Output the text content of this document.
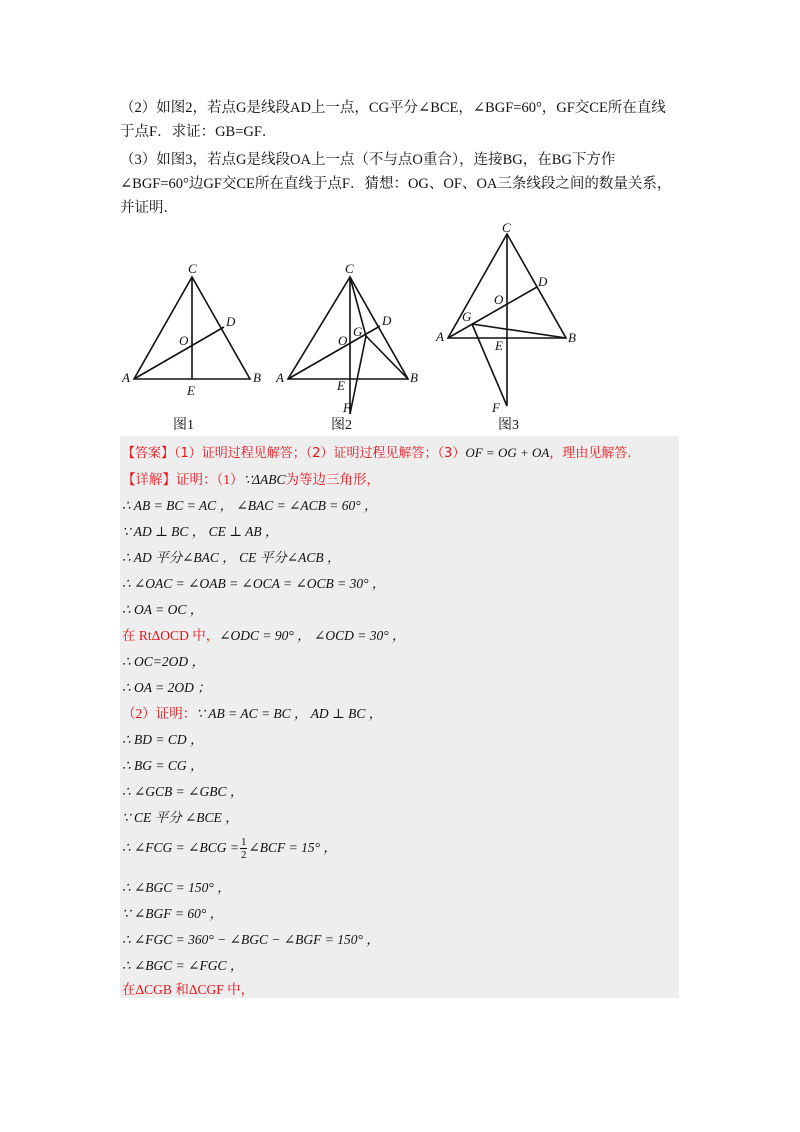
（2）如图2，若点G是线段AD上一点，CG平分∠BCE，∠BGF=60°，GF交CE所在直线于点F．求证：GB=GF．
（3）如图3，若点G是线段OA上一点（不与点O重合），连接BG，在BG下方作∠BGF=60°边GF交CE所在直线于点F．猜想：OG、OF、OA三条线段之间的数量关系，并证明．
C
D
O
A
E
B
C
D
G
O
A
E
B
F
C
D
O
G
A
E
B
F
图1	图2	图3
【答案】（1）证明过程见解答；（2）证明过程见解答；（3）OF = OG + OA，理由见解答.
【详解】证明：（1）∵ΔABC为等边三角形，
∴ AB = BC = AC ， ∠BAC = ∠ACB = 60° ，
∵ AD ⊥ BC ， CE ⊥ AB ，
∴ AD 平分∠BAC ， CE 平分∠ACB ，
∴ ∠OAC = ∠OAB = ∠OCA = ∠OCB = 30° ，
∴ OA = OC ，
在 RtΔOCD 中，∠ODC = 90° ， ∠OCD = 30° ，
∴ OC=2OD ，
∴ OA = 2OD ；
（2）证明：∵ AB = AC = BC ， AD ⊥ BC ，
∴ BD = CD ，
∴ BG = CG ，
∴ ∠GCB = ∠GBC ，
∵ CE 平分 ∠BCE ，
∴ ∠FCG = ∠BCG = $\frac{1}{2}$ ∠BCF = 15° ，
∴ ∠BGC = 150° ，
∵ ∠BGF = 60° ，
∴ ∠FGC = 360° − ∠BGC − ∠BGF = 150° ，
∴ ∠BGC = ∠FGC ，
在ΔCGB 和ΔCGF 中，
